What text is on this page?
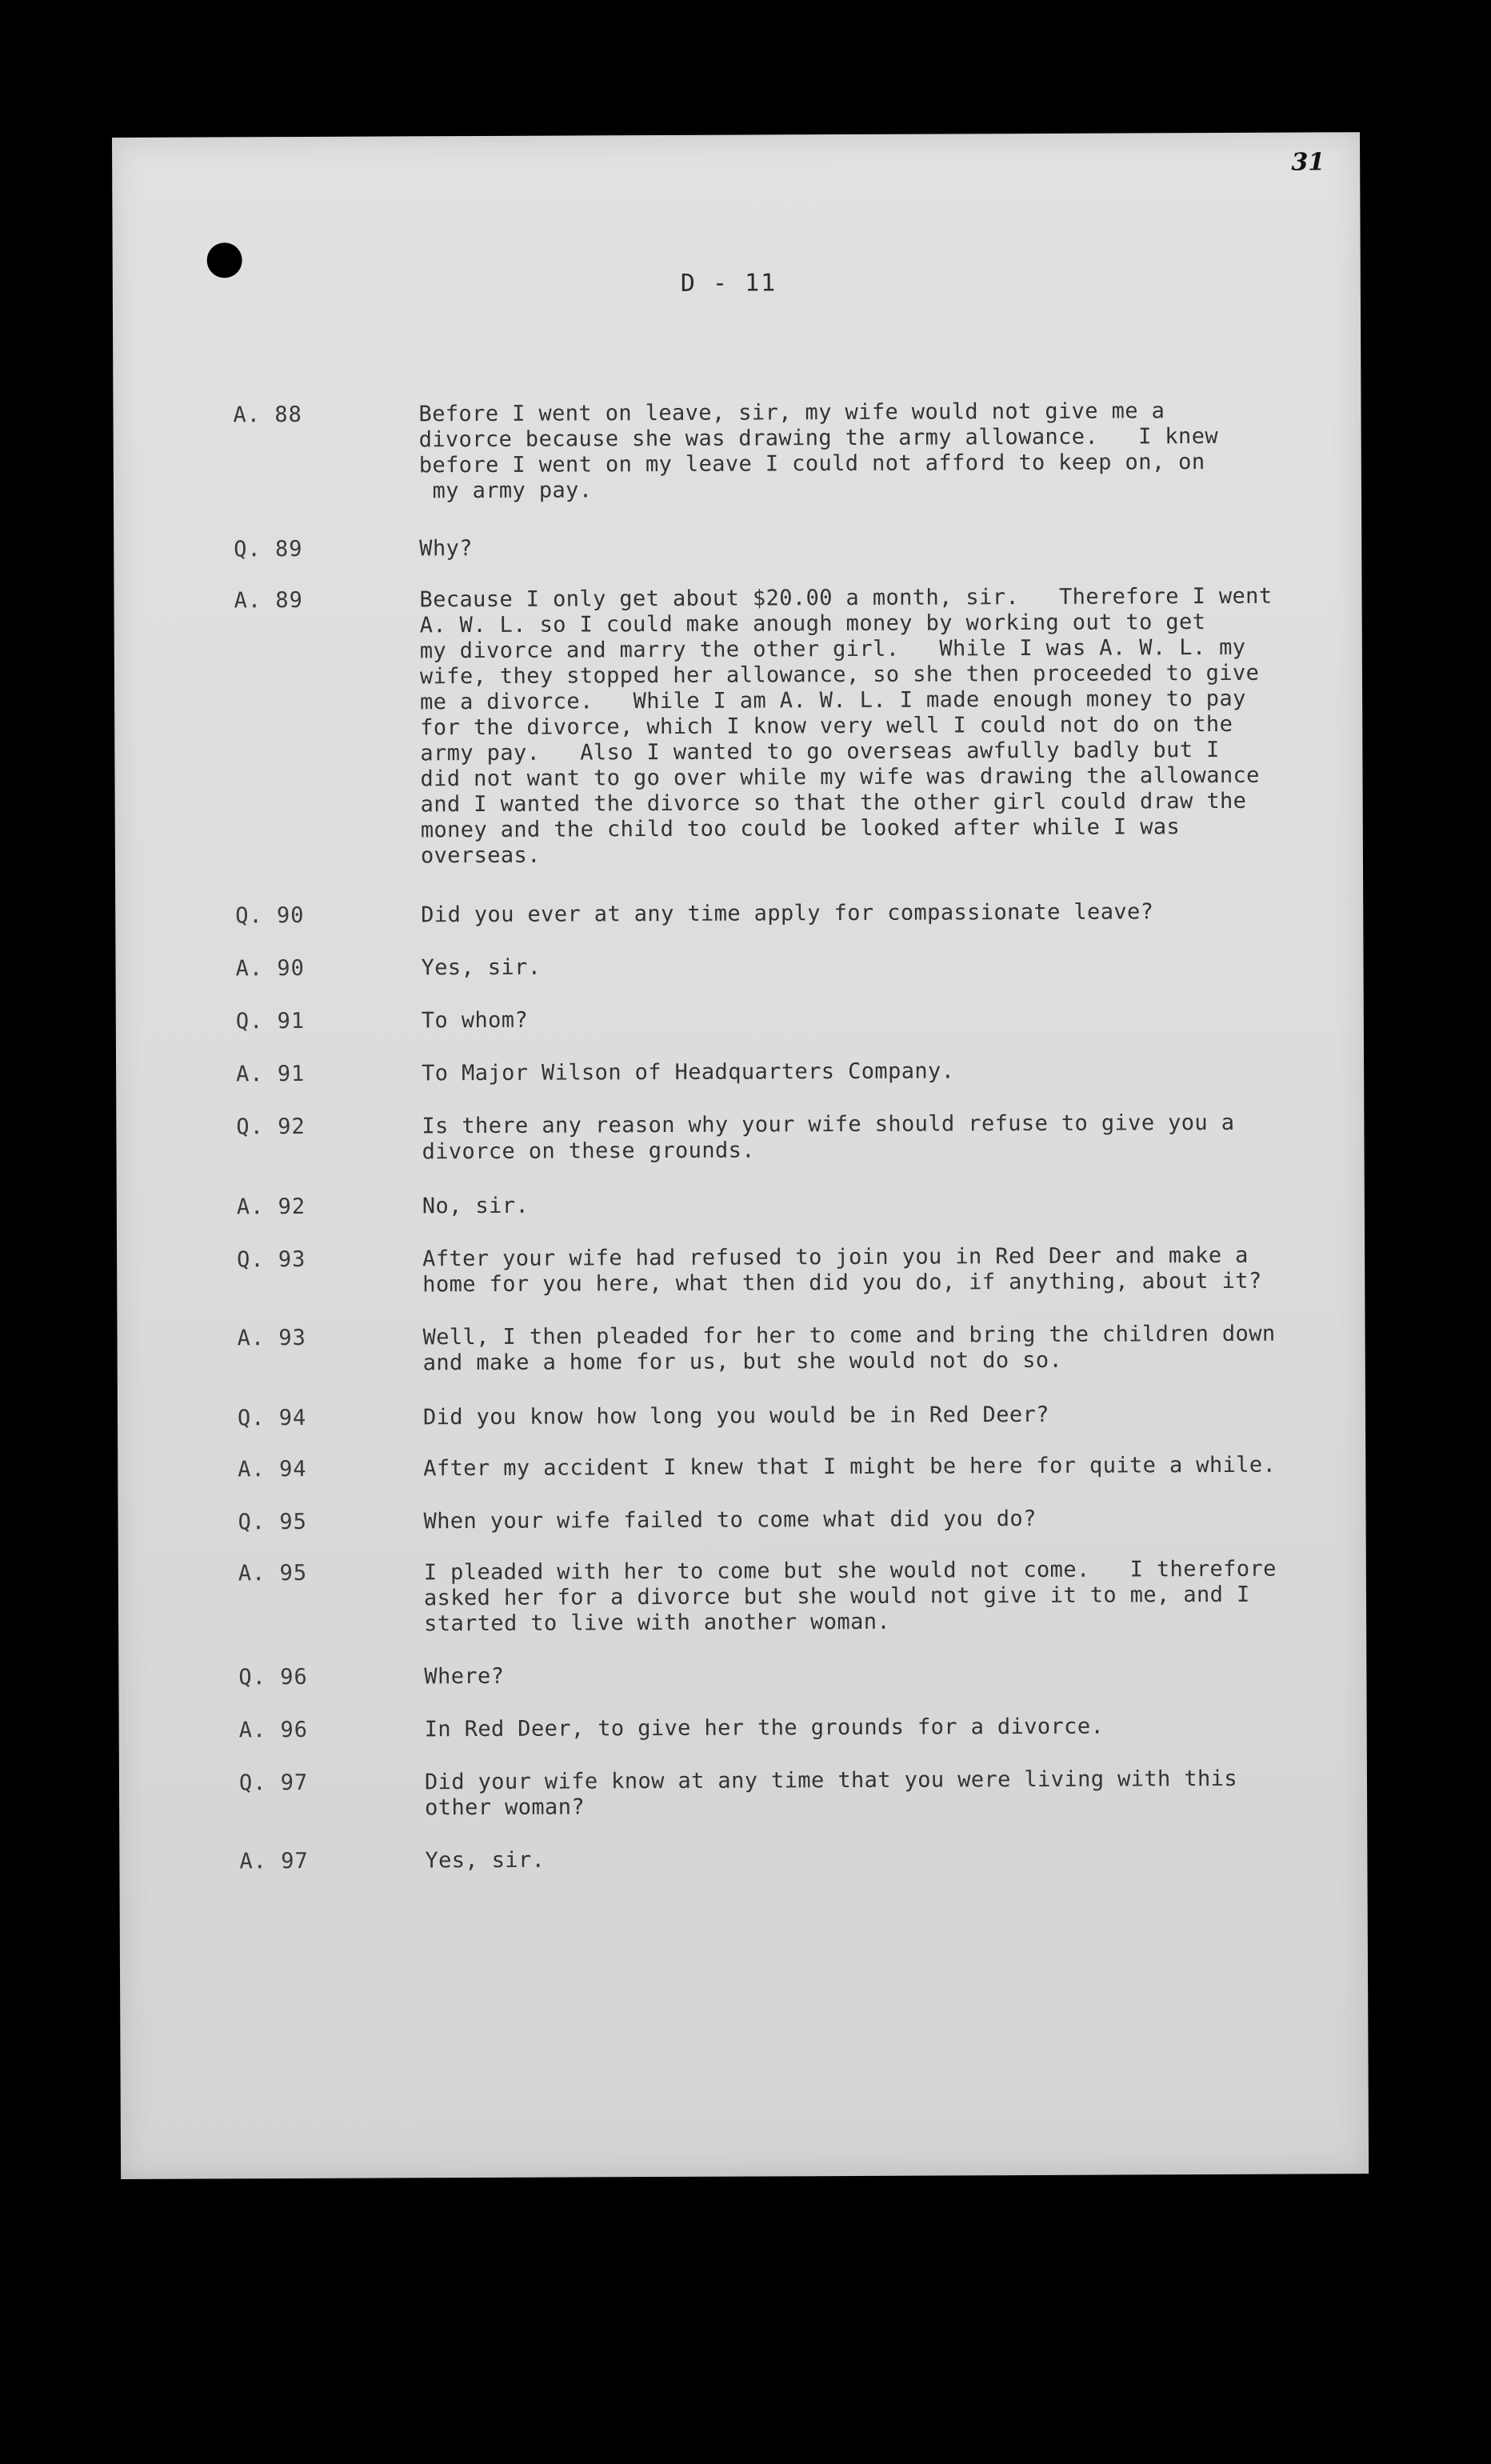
31
D - 11
A. 88	Before I went on leave, sir, my wife would not give me a
divorce because she was drawing the army allowance.   I knew
before I went on my leave I could not afford to keep on, on
my army pay.
Q. 89	Why?
A. 89	Because I only get about $20.00 a month, sir.   Therefore I went
A. W. L. so I could make anough money by working out to get
my divorce and marry the other girl.   While I was A. W. L. my
wife, they stopped her allowance, so she then proceeded to give
me a divorce.   While I am A. W. L. I made enough money to pay
for the divorce, which I know very well I could not do on the
army pay.   Also I wanted to go overseas awfully badly but I
did not want to go over while my wife was drawing the allowance
and I wanted the divorce so that the other girl could draw the
money and the child too could be looked after while I was
overseas.
Q. 90	Did you ever at any time apply for compassionate leave?
A. 90	Yes, sir.
Q. 91	To whom?
A. 91	To Major Wilson of Headquarters Company.
Q. 92	Is there any reason why your wife should refuse to give you a
divorce on these grounds.
A. 92	No, sir.
Q. 93	After your wife had refused to join you in Red Deer and make a
home for you here, what then did you do, if anything, about it?
A. 93	Well, I then pleaded for her to come and bring the children down
and make a home for us, but she would not do so.
Q. 94	Did you know how long you would be in Red Deer?
A. 94	After my accident I knew that I might be here for quite a while.
Q. 95	When your wife failed to come what did you do?
A. 95	I pleaded with her to come but she would not come.   I therefore
asked her for a divorce but she would not give it to me, and I
started to live with another woman.
Q. 96	Where?
A. 96	In Red Deer, to give her the grounds for a divorce.
Q. 97	Did your wife know at any time that you were living with this
other woman?
A. 97	Yes, sir.
